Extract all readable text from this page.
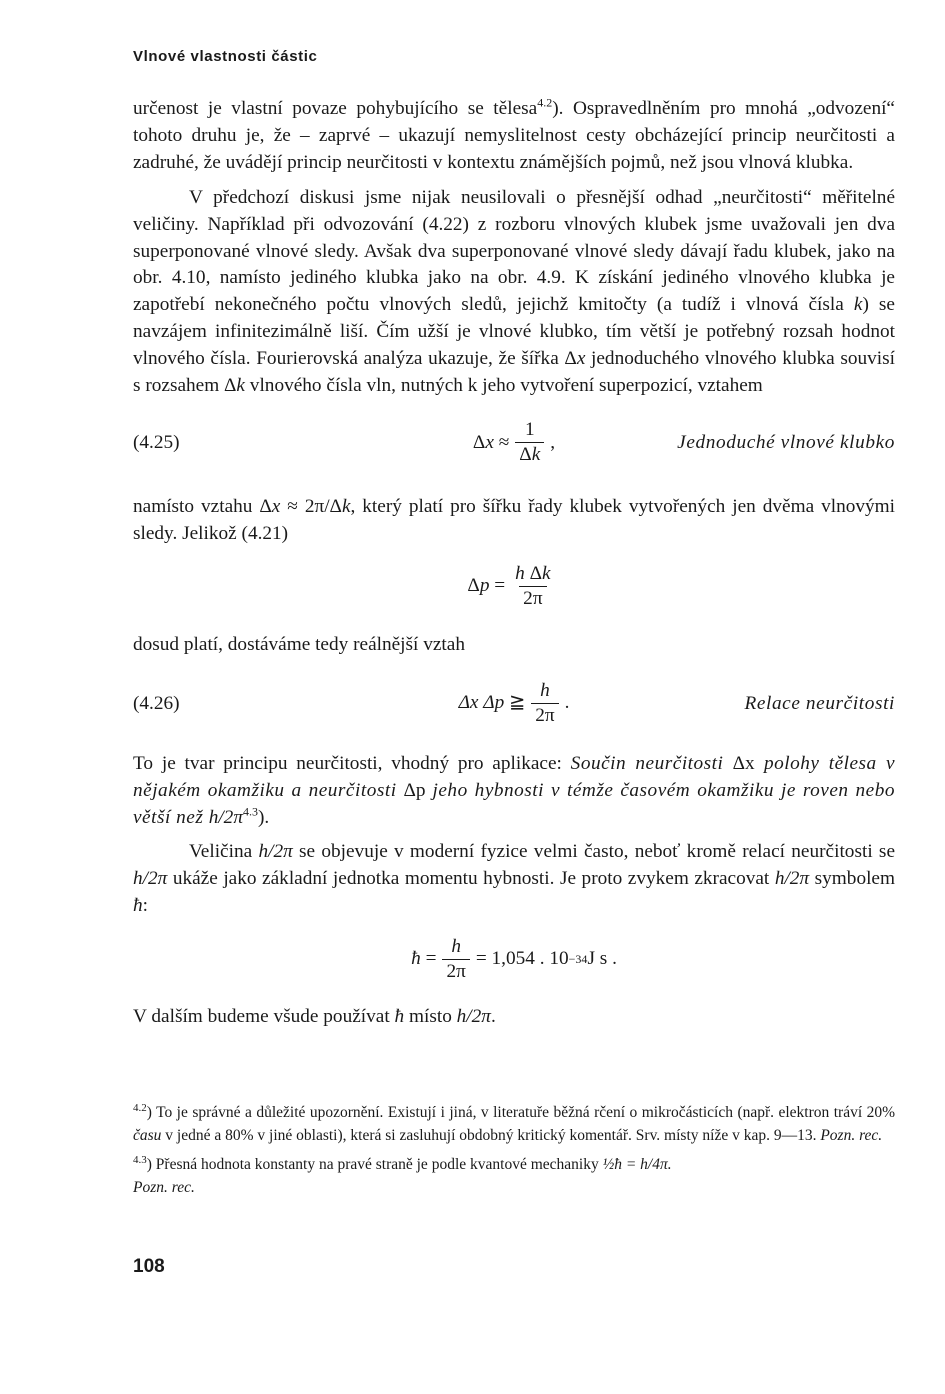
Vlnové vlastnosti částic

určenost je vlastní povaze pohybujícího se tělesa$^{4.2}$). Ospravedlněním pro mnohá „odvození“ tohoto druhu je, že – zaprvé – ukazují nemyslitelnost cesty obcházející princip neurčitosti a zadruhé, že uvádějí princip neurčitosti v kontextu známějších pojmů, než jsou vlnová klubka.

V předchozí diskusi jsme nijak neusilovali o přesnější odhad „neurčitosti“ měřitelné veličiny. Například při odvozování (4.22) z rozboru vlnových klubek jsme uvažovali jen dva superponované vlnové sledy. Avšak dva superponované vlnové sledy dávají řadu klubek, jako na obr. 4.10, namísto jediného klubka jako na obr. 4.9. K získání jediného vlnového klubka je zapotřebí nekonečného počtu vlnových sledů, jejichž kmitočty (a tudíž i vlnová čísla k) se navzájem infinitezimálně liší. Čím užší je vlnové klubko, tím větší je potřebný rozsah hodnot vlnového čísla. Fourierovská analýza ukazuje, že šířka Δx jednoduchého vlnového klubka souvisí s rozsahem Δk vlnového čísla vln, nutných k jeho vytvoření superpozicí, vztahem

(4.25)	Δ x
≈ $\frac{1}{\Delta k}$ ,	Jednoduché vlnové klubko

namísto vztahu Δx ≈ 2π/Δk, který platí pro šířku řady klubek vytvořených jen dvěma vlnovými sledy. Jelikož (4.21)

Δ p
= $\frac{\text{h Δk}}{2\pi}$

dosud platí, dostáváme tedy reálnější vztah

(4.26)	Δx Δp
≧ $\frac{h}{2\pi}$ .	Relace neurčitosti

To je tvar principu neurčitosti, vhodný pro aplikace: Součin neurčitosti Δx polohy tělesa v nějakém okamžiku a neurčitosti Δp jeho hybnosti v témže časovém okamžiku je roven nebo větší než $h/2\pi^{4.3}$).

Veličina h/2π se objevuje v moderní fyzice velmi často, neboť kromě relací neurčitosti se h/2π ukáže jako základní jednotka momentu hybnosti. Je proto zvykem zkracovat h/2π symbolem ħ:

ħ
= $\frac{h}{2\pi} = 1,054$ . 10 −34 J s .

V dalším budeme všude používat ħ místo h/2π.

$^{4.2}$) To je správné a důležité upozornění. Existují i jiná, v literatuře běžná rčení o mikročásticích (např. elektron tráví 20% času v jedné a 80% v jiné oblasti), která si zasluhují obdobný kritický komentář. Srv. místy níže v kap. 9—13. Pozn. rec.

$^{4.3}$) Přesná hodnota konstanty na pravé straně je podle kvantové mechaniky ½ħ = h/4π.
Pozn. rec.

108
